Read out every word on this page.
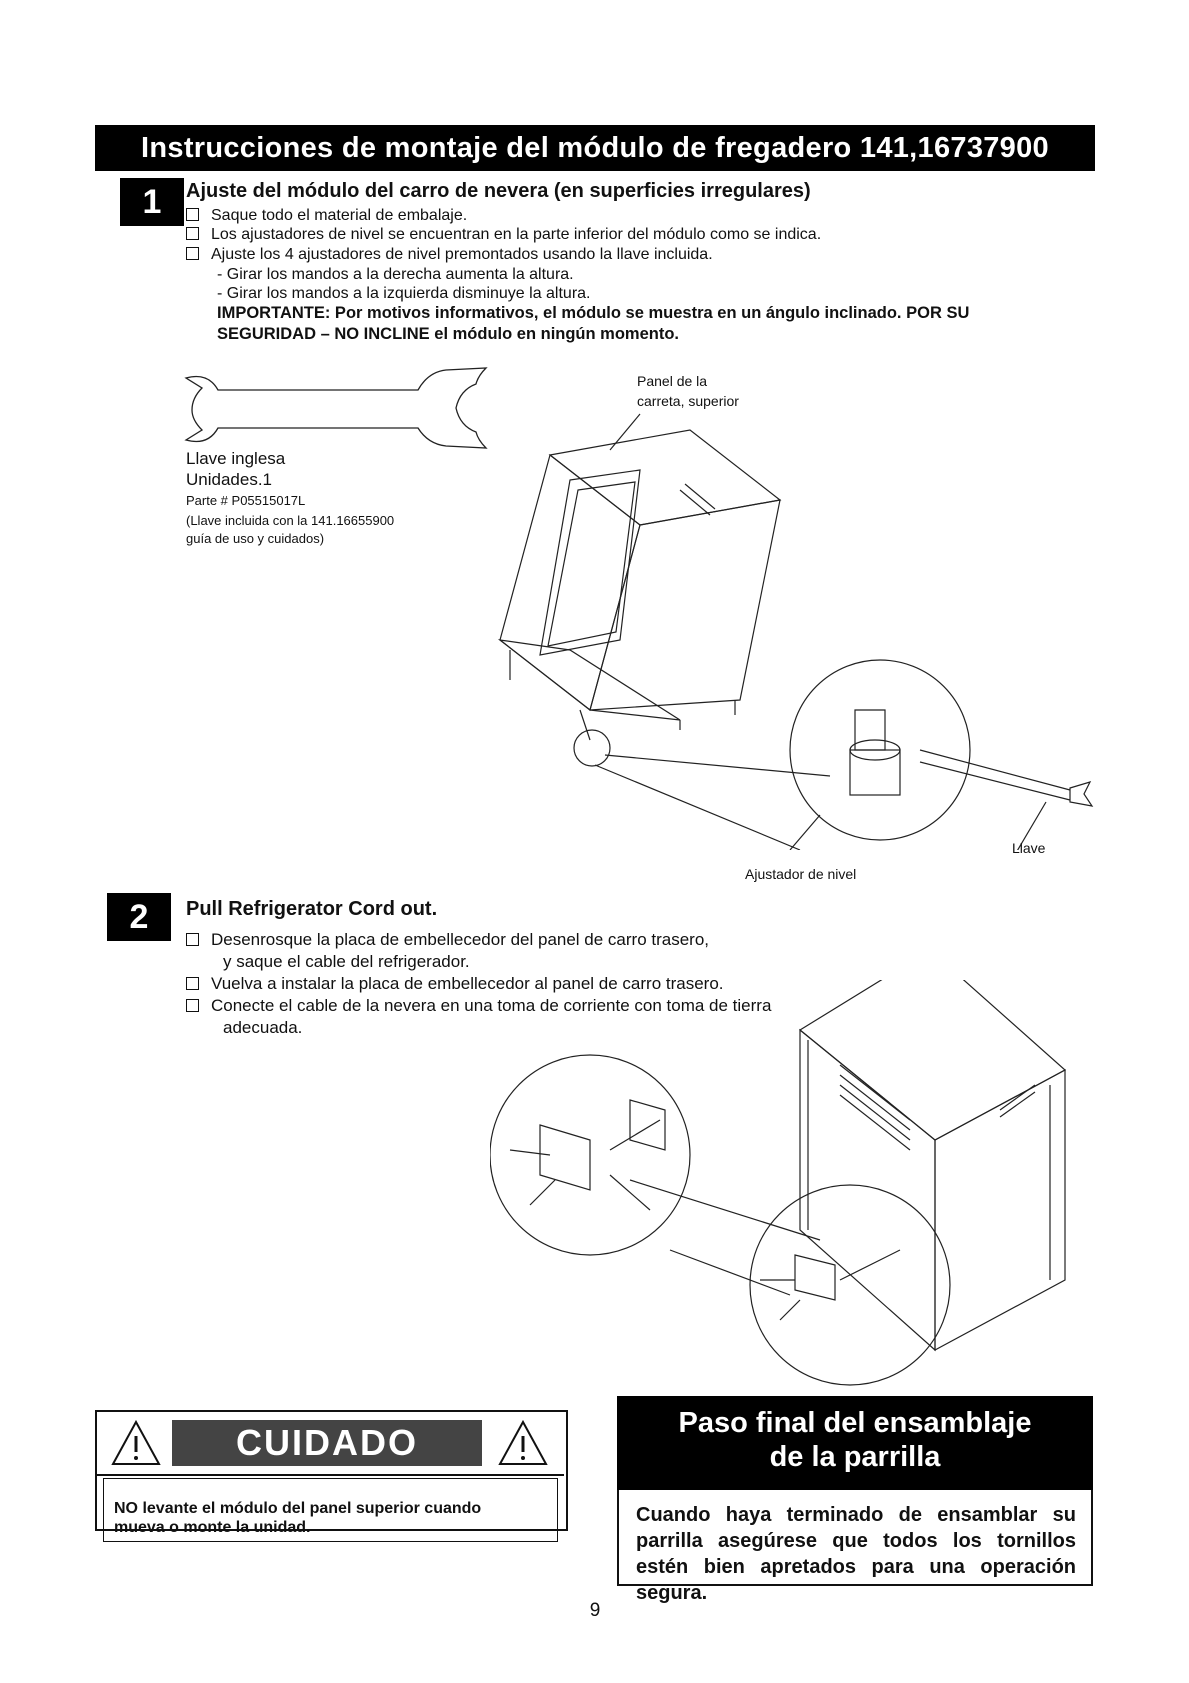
Instrucciones de montaje del módulo de fregadero 141,16737900
1	Ajuste del módulo del carro de nevera (en superficies irregulares)
Saque todo el material de embalaje.
Los ajustadores de nivel se encuentran en la parte inferior del módulo como se indica.
Ajuste los 4 ajustadores de nivel premontados usando la llave incluida.
- Girar los mandos a la derecha aumenta la altura.
- Girar los mandos a la izquierda disminuye la altura.
IMPORTANTE: Por motivos informativos, el módulo se muestra en un ángulo inclinado. POR SU
SEGURIDAD – NO INCLINE el módulo en ningún momento.
Llave inglesa
Unidades.1
Parte # P05515017L
(Llave incluida con la 141.16655900
guía de uso y cuidados)
Panel de la
carreta, superior
Ajustador de nivel
Llave
2	Pull Refrigerator Cord out.
Desenrosque la placa de embellecedor del panel de carro trasero,
y saque el cable del refrigerador.
Vuelva a instalar la placa de embellecedor al panel de carro trasero.
Conecte el cable de la nevera en una toma de corriente con toma de tierra
adecuada.
CUIDADO
NO levante el módulo del panel superior cuando
mueva o monte la unidad.
Paso final del ensamblaje
de la parrilla
Cuando haya terminado de ensamblar su parrilla asegúrese que todos los tornillos estén bien apretados para una operación segura.
9
